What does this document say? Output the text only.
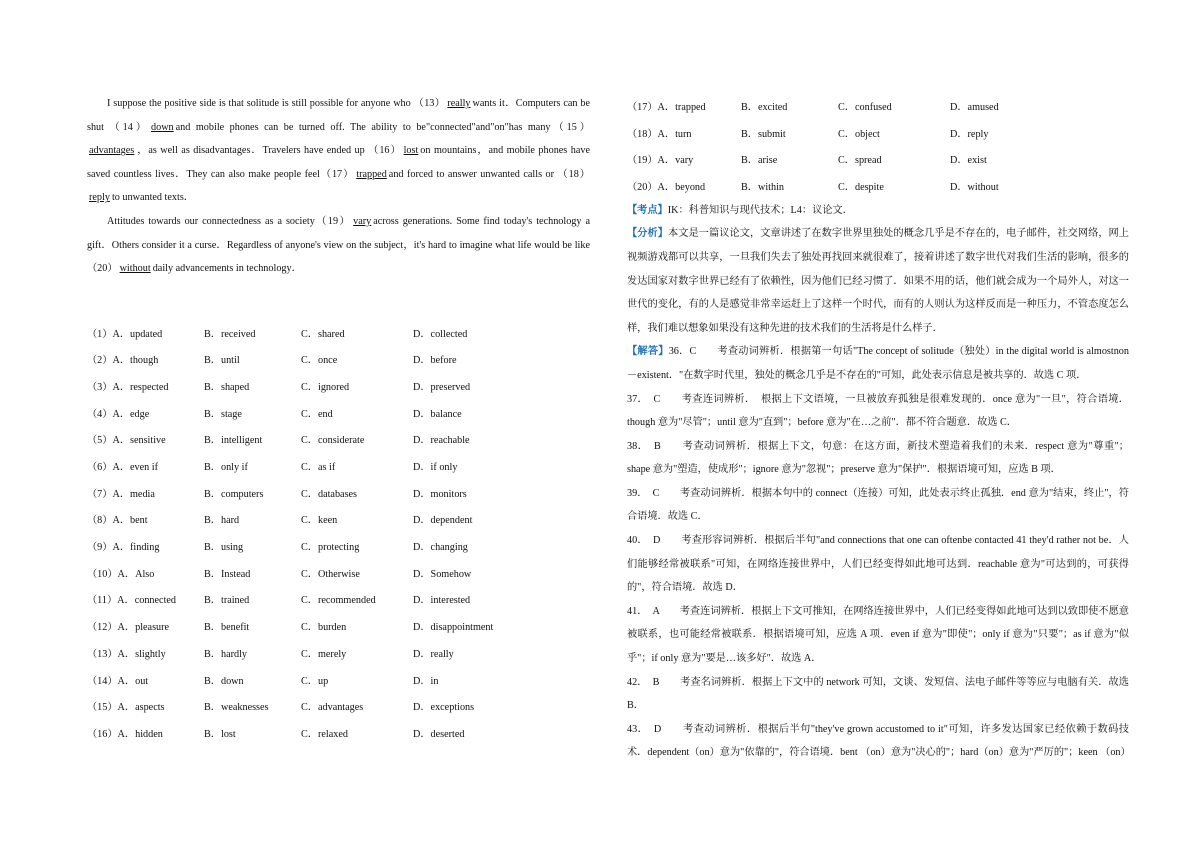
I suppose the positive side is that solitude is still possible for anyone who （13） really wants it．Computers can be shut （14） down and mobile phones can be turned off. The ability to be"connected"and"on"has many（15）advantages ，as well as disadvantages．Travelers have ended up （16） lost on mountains，and mobile phones have saved countless lives．They can also make people feel（17） trapped and forced to answer unwanted calls or （18）reply to unwanted texts．

Attitudes towards our connectedness as a society（19） vary across generations. Some find today's technology a gift．Others consider it a curse．Regardless of anyone's view on the subject，it's hard to imagine what life would be like （20） without daily advancements in technology．

（1）A．updated	B．received	C．shared	D．collected
（2）A．though	B．until	C．once	D．before
（3）A．respected	B．shaped	C．ignored	D．preserved
（4）A．edge	B．stage	C．end	D．balance
（5）A．sensitive	B．intelligent	C．considerate	D．reachable
（6）A．even if	B．only if	C．as if	D．if only
（7）A．media	B．computers	C．databases	D．monitors
（8）A．bent	B．hard	C．keen	D．dependent
（9）A．finding	B．using	C．protecting	D．changing
（10）A．Also	B．Instead	C．Otherwise	D．Somehow
（11）A．connected	B．trained	C．recommended	D．interested
（12）A．pleasure	B．benefit	C．burden	D．disappointment
（13）A．slightly	B．hardly	C．merely	D．really
（14）A．out	B．down	C．up	D．in
（15）A．aspects	B．weaknesses	C．advantages	D．exceptions
（16）A．hidden	B．lost	C．relaxed	D．deserted
（17）A．trapped	B．excited	C．confused	D．amused
（18）A．turn	B．submit	C．object	D．reply
（19）A．vary	B．arise	C．spread	D．exist
（20）A．beyond	B．within	C．despite	D．without

【考点】IK：科普知识与现代技术；L4：议论文．

【分析】本文是一篇议论文，文章讲述了在数字世界里独处的概念几乎是不存在的，电子邮件，社交网络，网上视频游戏都可以共享，一旦我们失去了独处再找回来就很难了，接着讲述了数字世代对我们生活的影响，很多的发达国家对数字世界已经有了依赖性，因为他们已经习惯了．如果不用的话，他们就会成为一个局外人，对这一世代的变化，有的人是感觉非常幸运赶上了这样一个时代，而有的人则认为这样反而是一种压力，不管态度怎么样，我们难以想象如果没有这种先进的技术我们的生活将是什么样子．

【解答】36．C　　考查动词辨析．根据第一句话"The concept of solitude（独处）in the digital world is almostnon－existent．"在数字时代里，独处的概念几乎是不存在的"可知，此处表示信息是被共享的．故选 C 项．

37．　C　　考查连词辨析．　根据上下文语境，一旦被放弃孤独是很难发现的．once 意为"一旦"，符合语境．though 意为"尽管"；until 意为"直到"；before 意为"在…之前"．都不符合题意．故选 C．

38．　B　　考查动词辨析．根据上下文，句意：在这方面，新技术塑造着我们的未来．respect 意为"尊重"；shape 意为"塑造，使成形"；ignore 意为"忽视"；preserve 意为"保护"．根据语境可知，应选 B 项．

39．　C　　考查动词辨析．根据本句中的 connect（连接）可知，此处表示终止孤独．end 意为"结束，终止"，符合语境．故选 C．

40．　D　　考查形容词辨析．根据后半句"and connections that one can oftenbe contacted 41 they'd rather not be．人们能够经常被联系"可知，在网络连接世界中，人们已经变得如此地可达到．reachable 意为"可达到的，可获得的"，符合语境．故选 D．

41．　A　　考查连词辨析．根据上下文可推知，在网络连接世界中，人们已经变得如此地可达到以致即使不愿意被联系，也可能经常被联系．根据语境可知，应选 A 项．even if 意为"即使"；only if 意为"只要"；as if 意为"似乎"；if only 意为"要是…该多好"．故选 A．

42．　B　　考查名词辨析．根据上下文中的 network 可知，文谈、发短信、法电子邮件等等应与电脑有关．故选 B．

43．　D　　考查动词辨析．根据后半句"they've grown accustomed to it"可知，许多发达国家已经依赖于数码技术．dependent（on）意为"依靠的"，符合语境．bent （on）意为"决心的"；hard（on）意为"严厉的"；keen （on）
